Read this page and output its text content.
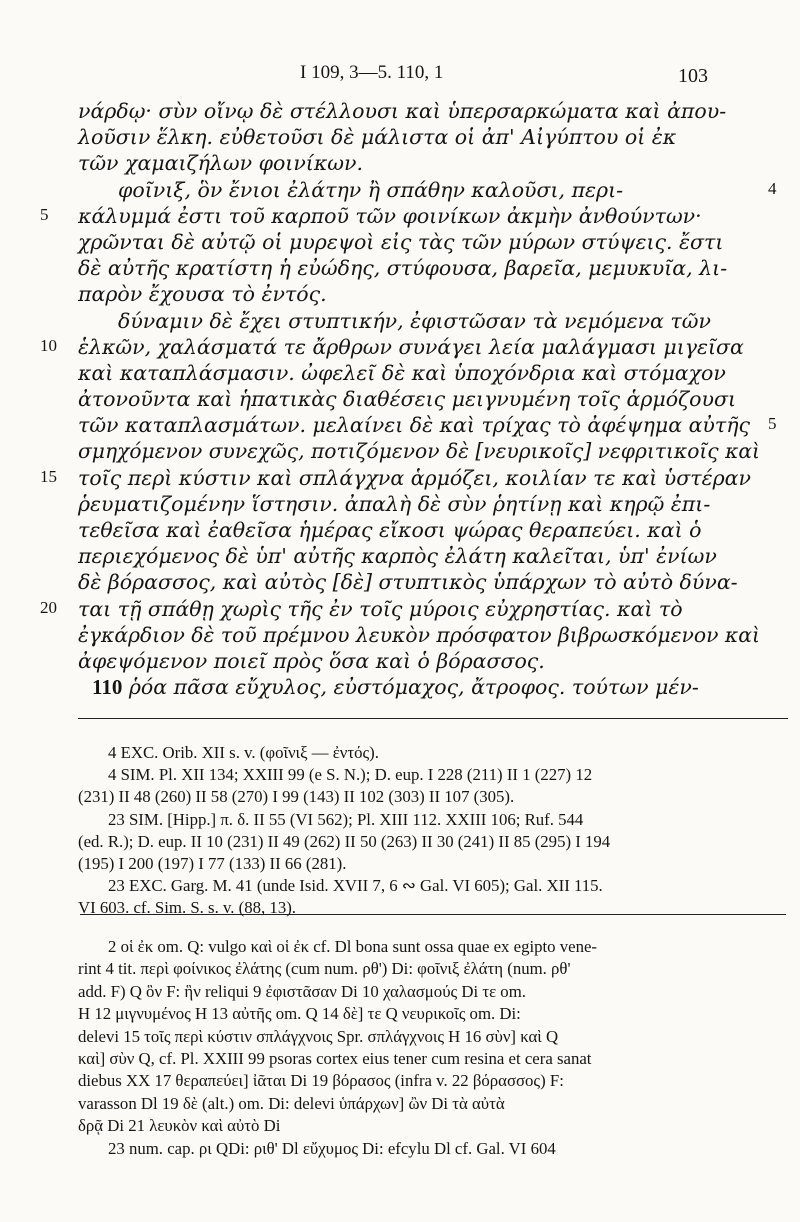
I 109, 3—5. 110, 1	103
νάρδῳ· σὺν οἴνῳ δὲ στέλλουσι καὶ ὑπερσαρκώματα καὶ ἀπου-
λοῦσιν ἕλκη. εὐθετοῦσι δὲ μάλιστα οἱ ἀπ' Αἰγύπτου οἱ ἐκ
τῶν χαμαιζήλων φοινίκων.
φοῖνιξ, ὃν ἔνιοι ἐλάτην ἢ σπάθην καλοῦσι, περι-	4
5 κάλυμμά ἐστι τοῦ καρποῦ τῶν φοινίκων ἀκμὴν ἀνθούντων·
χρῶνται δὲ αὐτῷ οἱ μυρεψοὶ εἰς τὰς τῶν μύρων στύψεις. ἔστι
δὲ αὐτῆς κρατίστη ἡ εὐώδης, στύφουσα, βαρεῖα, μεμυκυῖα, λι-
παρὸν ἔχουσα τὸ ἐντός.
δύναμιν δὲ ἔχει στυπτικήν, ἐφιστῶσαν τὰ νεμόμενα τῶν
10 ἑλκῶν, χαλάσματά τε ἄρθρων συνάγει λεία μαλάγμασι μιγεῖσα
καὶ καταπλάσμασιν. ὠφελεῖ δὲ καὶ ὑποχόνδρια καὶ στόμαχον
ἀτονοῦντα καὶ ἡπατικὰς διαθέσεις μειγνυμένη τοῖς ἁρμόζουσι
τῶν καταπλασμάτων. μελαίνει δὲ καὶ τρίχας τὸ ἀφέψημα αὐτῆς 5
σμηχόμενον συνεχῶς, ποτιζόμενον δὲ [νευρικοῖς] νεφριτικοῖς καὶ
15 τοῖς περὶ κύστιν καὶ σπλάγχνα ἁρμόζει, κοιλίαν τε καὶ ὑστέραν
ῥευματιζομένην ἵστησιν. ἀπαλὴ δὲ σὺν ῥητίνῃ καὶ κηρῷ ἐπι-
τεθεῖσα καὶ ἐαθεῖσα ἡμέρας εἴκοσι ψώρας θεραπεύει. καὶ ὁ
περιεχόμενος δὲ ὑπ' αὐτῆς καρπὸς ἐλάτη καλεῖται, ὑπ' ἐνίων
δὲ βόρασσος, καὶ αὐτὸς [δὲ] στυπτικὸς ὑπάρχων τὸ αὐτὸ δύνα-
20 ται τῇ σπάθῃ χωρὶς τῆς ἐν τοῖς μύροις εὐχρηστίας. καὶ τὸ
ἐγκάρδιον δὲ τοῦ πρέμνου λευκὸν πρόσφατον βιβρωσκόμενον καὶ
ἀφεψόμενον ποιεῖ πρὸς ὅσα καὶ ὁ βόρασσος.
110 ῥόα πᾶσα εὔχυλος, εὐστόμαχος, ἄτροφος. τούτων μέν-
4 EXC. Orib. XII s. v. (φοῖνιξ — ἐντός).
4 SIM. Pl. XII 134; XXIII 99 (e S. N.); D. eup. I 228 (211) II 1 (227) 12
(231) II 48 (260) II 58 (270) I 99 (143) II 102 (303) II 107 (305).
23 SIM. [Hipp.] π. δ. II 55 (VI 562); Pl. XIII 112. XXIII 106; Ruf. 544
(ed. R.); D. eup. II 10 (231) II 49 (262) II 50 (263) II 30 (241) II 85 (295) I 194
(195) I 200 (197) I 77 (133) II 66 (281).
23 EXC. Garg. M. 41 (unde Isid. XVII 7, 6 ∾ Gal. VI 605); Gal. XII 115.
VI 603. cf. Sim. S. s. v. (88, 13).
2 οἱ ἐκ om. Q: vulgo καὶ οἱ ἐκ cf. Dl bona sunt ossa quae ex egipto vene-
rint 4 tit. περὶ φοίνικος ἐλάτης (cum num. ρθ') Di: φοῖνιξ ἐλάτη (num. ρθ'
add. F) Q ὃν F: ἣν reliqui 9 ἐφιστᾶσαν Di 10 χαλασμούς Di τε om.
H 12 μιγνυμένος H 13 αὐτῆς om. Q 14 δὲ] τε Q νευρικοῖς om. Di:
delevi 15 τοῖς περὶ κύστιν σπλάγχνοις Spr. σπλάγχνοις H 16 σὺν] καὶ Q
καὶ] σὺν Q, cf. Pl. XXIII 99 psoras cortex eius tener cum resina et cera sanat
diebus XX 17 θεραπεύει] ἰᾶται Di 19 βόρασος (infra v. 22 βόρασσος) F:
varasson Dl 19 δὲ (alt.) om. Di: delevi ὑπάρχων] ὢν Di τὰ αὐτὰ
δρᾷ Di 21 λευκὸν καὶ αὐτὸ Di
23 num. cap. ρι QDi: ριθ' Dl εὔχυμος Di: efcylu Dl cf. Gal. VI 604
